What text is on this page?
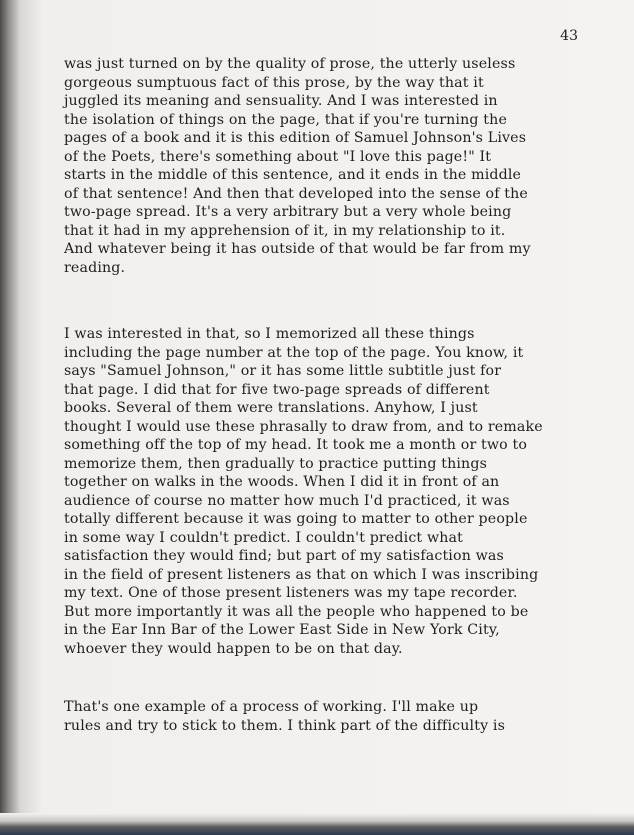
43
was just turned on by the quality of prose, the utterly useless
gorgeous sumptuous fact of this prose, by the way that it
juggled its meaning and sensuality. And I was interested in
the isolation of things on the page, that if you're turning the
pages of a book and it is this edition of Samuel Johnson's Lives
of the Poets, there's something about "I love this page!" It
starts in the middle of this sentence, and it ends in the middle
of that sentence! And then that developed into the sense of the
two-page spread. It's a very arbitrary but a very whole being
that it had in my apprehension of it, in my relationship to it.
And whatever being it has outside of that would be far from my
reading.
I was interested in that, so I memorized all these things
including the page number at the top of the page. You know, it
says "Samuel Johnson," or it has some little subtitle just for
that page. I did that for five two-page spreads of different
books. Several of them were translations. Anyhow, I just
thought I would use these phrasally to draw from, and to remake
something off the top of my head. It took me a month or two to
memorize them, then gradually to practice putting things
together on walks in the woods. When I did it in front of an
audience of course no matter how much I'd practiced, it was
totally different because it was going to matter to other people
in some way I couldn't predict. I couldn't predict what
satisfaction they would find; but part of my satisfaction was
in the field of present listeners as that on which I was inscribing
my text. One of those present listeners was my tape recorder.
But more importantly it was all the people who happened to be
in the Ear Inn Bar of the Lower East Side in New York City,
whoever they would happen to be on that day.
That's one example of a process of working. I'll make up
rules and try to stick to them. I think part of the difficulty is
